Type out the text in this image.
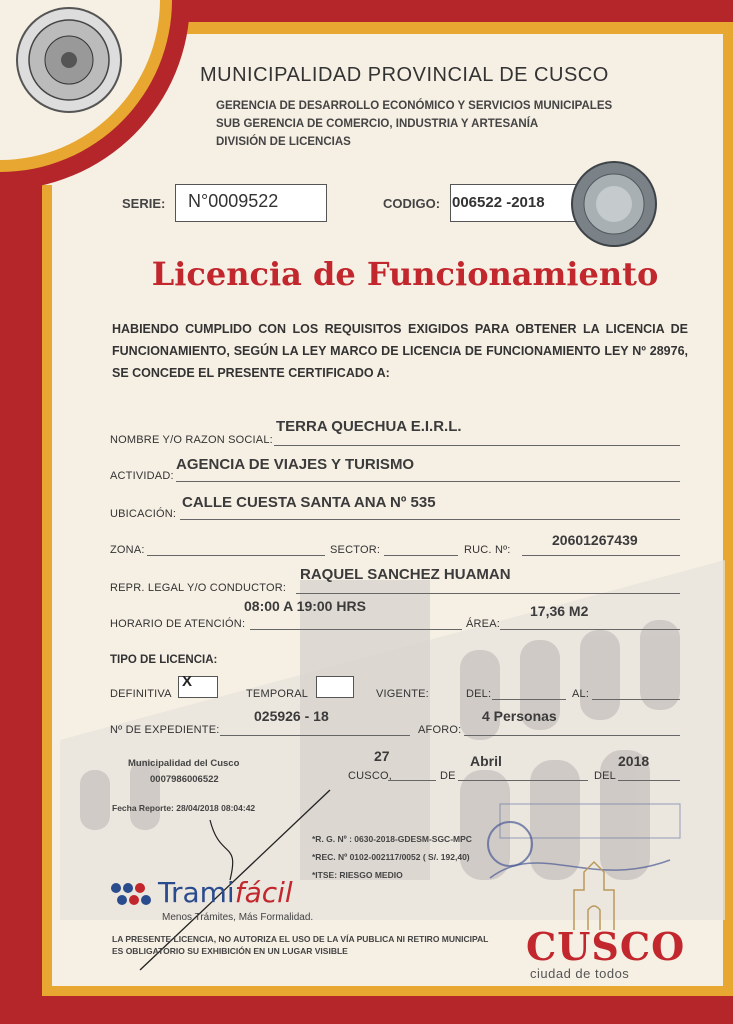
MUNICIPALIDAD PROVINCIAL DE CUSCO
GERENCIA DE DESARROLLO ECONÓMICO Y SERVICIOS MUNICIPALES
SUB GERENCIA DE COMERCIO, INDUSTRIA Y ARTESANÍA
DIVISIÓN DE LICENCIAS
SERIE: N°0009522	CODIGO: 006522 -2018
Licencia de Funcionamiento
HABIENDO CUMPLIDO CON LOS REQUISITOS EXIGIDOS PARA OBTENER LA LICENCIA DE FUNCIONAMIENTO, SEGÚN LA LEY MARCO DE LICENCIA DE FUNCIONAMIENTO LEY Nº 28976, SE CONCEDE EL PRESENTE CERTIFICADO A:
NOMBRE Y/O RAZON SOCIAL:
TERRA QUECHUA E.I.R.L.
ACTIVIDAD:
AGENCIA DE VIAJES Y TURISMO
UBICACIÓN:
CALLE CUESTA SANTA ANA Nº 535
ZONA:	SECTOR:	RUC. Nº:
20601267439
REPR. LEGAL Y/O CONDUCTOR:
RAQUEL SANCHEZ HUAMAN
HORARIO DE ATENCIÓN:
08:00 A 19:00 HRS
ÁREA:
17,36 M2
TIPO DE LICENCIA:
DEFINITIVA
X
TEMPORAL	VIGENTE:	DEL:	AL:
Nº DE EXPEDIENTE:
025926 - 18
AFORO:
4 Personas
Municipalidad del Cusco
0007986006522
Fecha Reporte: 28/04/2018 08:04:42
27
CUSCO,	DE
Abril
DEL
2018
*R. G. Nº : 0630-2018-GDESM-SGC-MPC
*REC. Nº 0102-002117/0052 ( S/. 192,40)
*ITSE: RIESGO MEDIO
Tramifácil
Menos Trámites, Más Formalidad.
LA PRESENTE LICENCIA, NO AUTORIZA EL USO DE LA VÍA PUBLICA NI RETIRO MUNICIPAL
ES OBLIGATORIO SU EXHIBICIÓN EN UN LUGAR VISIBLE	CUSCO
ciudad de todos
